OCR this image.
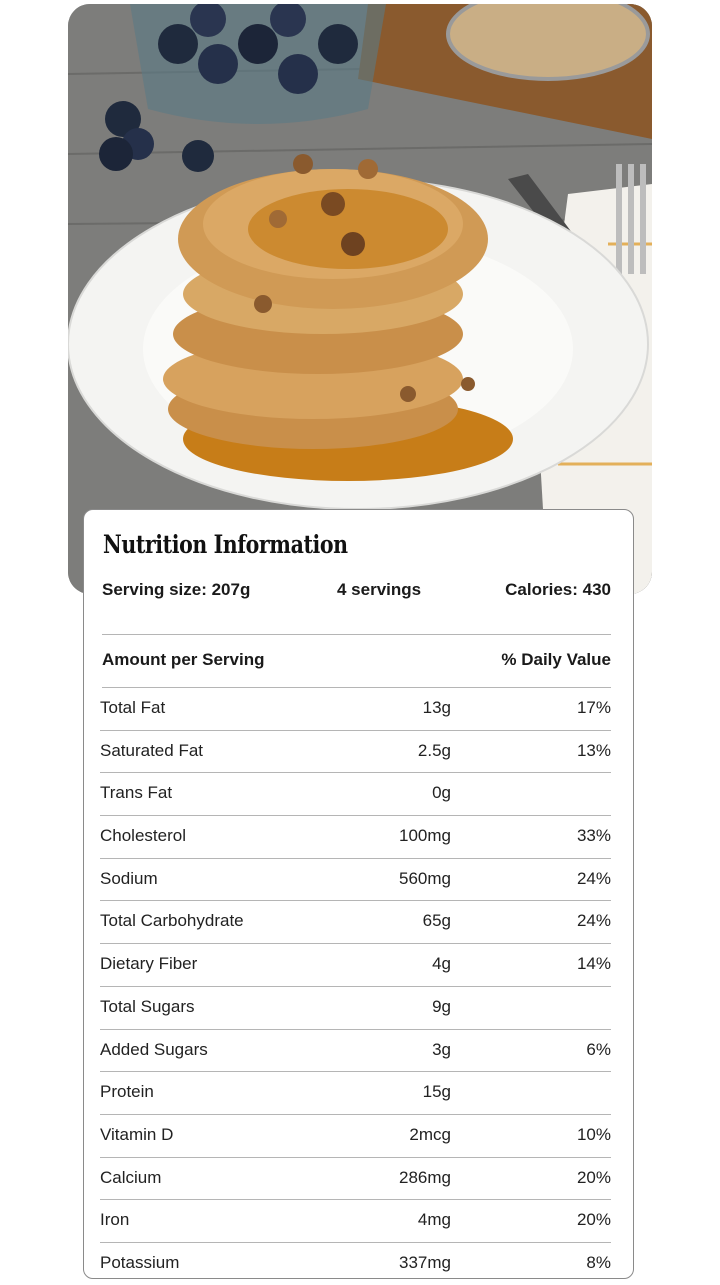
Nutrition Information
Serving size: 207g	4 servings	Calories: 430
Amount per Serving	% Daily Value
Total Fat	13g	17%
Saturated Fat	2.5g	13%
Trans Fat	0g
Cholesterol	100mg	33%
Sodium	560mg	24%
Total Carbohydrate	65g	24%
Dietary Fiber	4g	14%
Total Sugars	9g
Added Sugars	3g	6%
Protein	15g
Vitamin D	2mcg	10%
Calcium	286mg	20%
Iron	4mg	20%
Potassium	337mg	8%
